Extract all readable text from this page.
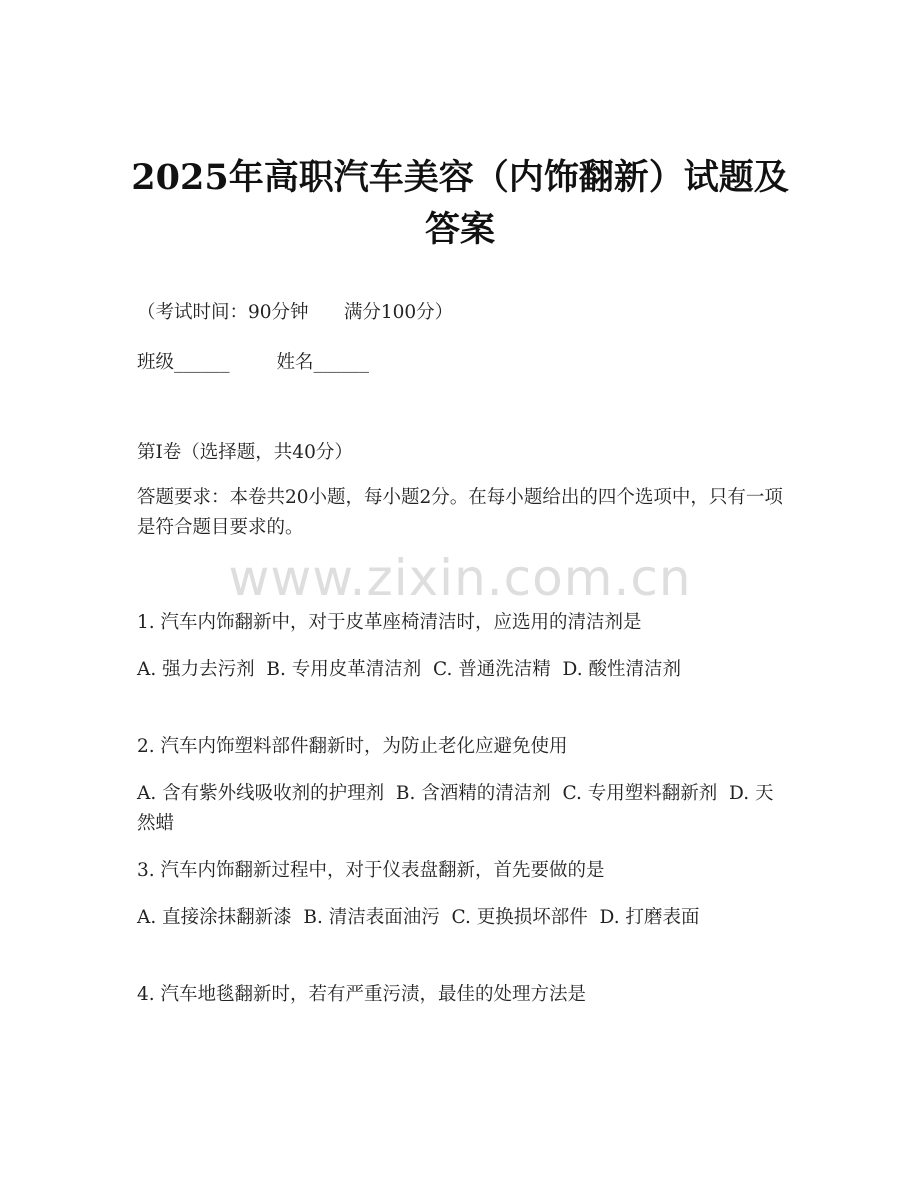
www.zixin.com.cn
2025年高职汽车美容（内饰翻新）试题及答案
（考试时间：90分钟      满分100分）
班级______        姓名______
第I卷（选择题，共40分）
答题要求：本卷共20小题，每小题2分。在每小题给出的四个选项中，只有一项是符合题目要求的。
1. 汽车内饰翻新中，对于皮革座椅清洁时，应选用的清洁剂是
A. 强力去污剂  B. 专用皮革清洁剂  C. 普通洗洁精  D. 酸性清洁剂
2. 汽车内饰塑料部件翻新时，为防止老化应避免使用
A. 含有紫外线吸收剂的护理剂  B. 含酒精的清洁剂  C. 专用塑料翻新剂  D. 天然蜡
3. 汽车内饰翻新过程中，对于仪表盘翻新，首先要做的是
A. 直接涂抹翻新漆  B. 清洁表面油污  C. 更换损坏部件  D. 打磨表面
4. 汽车地毯翻新时，若有严重污渍，最佳的处理方法是
